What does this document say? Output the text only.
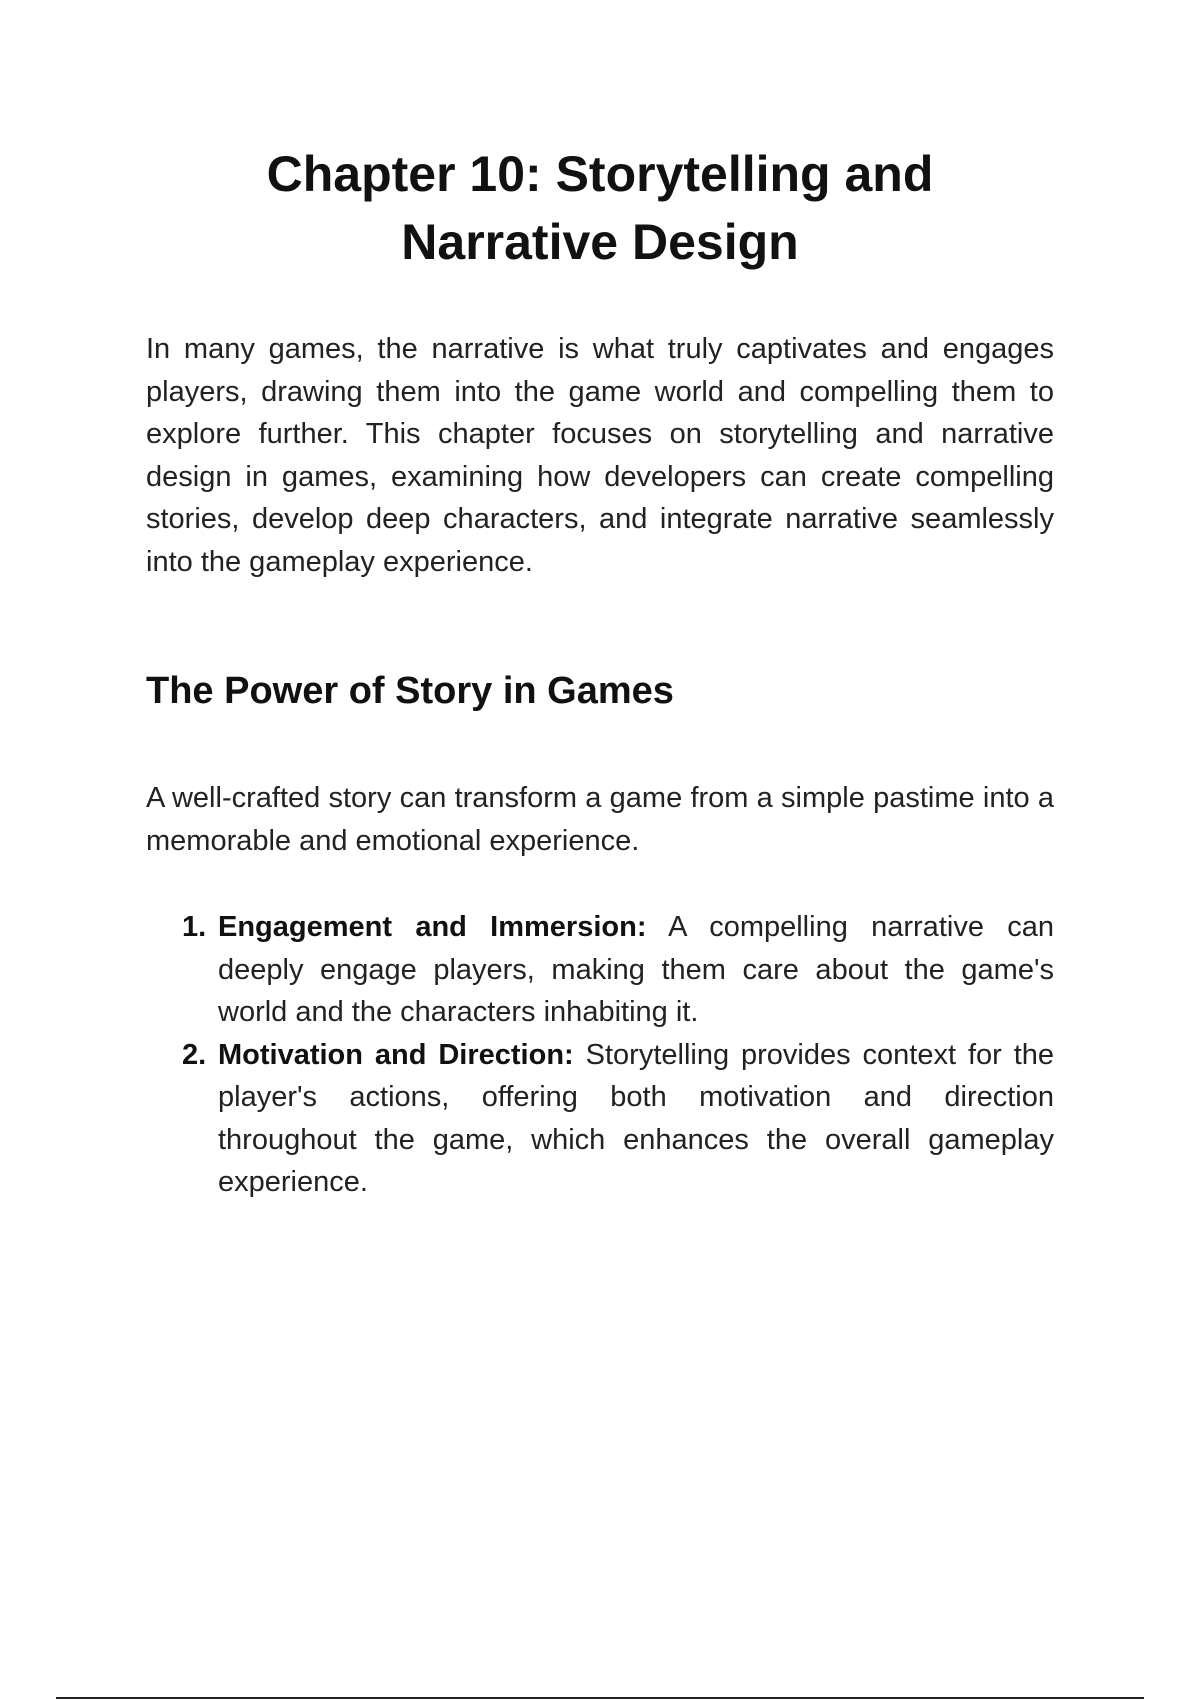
Chapter 10: Storytelling and
Narrative Design

In many games, the narrative is what truly captivates and engages players, drawing them into the game world and compelling them to explore further. This chapter focuses on storytelling and narrative design in games, examining how developers can create compelling stories, develop deep characters, and integrate narrative seamlessly into the gameplay experience.

The Power of Story in Games

A well-crafted story can transform a game from a simple pastime into a memorable and emotional experience.

1. Engagement and Immersion: A compelling narrative can deeply engage players, making them care about the game's world and the characters inhabiting it.
2. Motivation and Direction: Storytelling provides context for the player's actions, offering both motivation and direction throughout the game, which enhances the overall gameplay experience.
